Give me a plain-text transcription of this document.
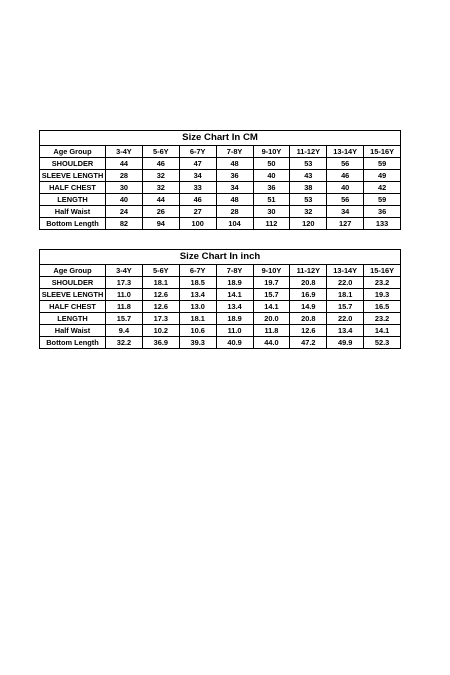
Size Chart In CM								
Age Group	3-4Y	5-6Y	6-7Y	7-8Y	9-10Y	11-12Y	13-14Y	15-16Y
SHOULDER	44	46	47	48	50	53	56	59
SLEEVE LENGTH	28	32	34	36	40	43	46	49
HALF CHEST	30	32	33	34	36	38	40	42
LENGTH	40	44	46	48	51	53	56	59
Half Waist	24	26	27	28	30	32	34	36
Bottom Length	82	94	100	104	112	120	127	133
Size Chart In inch								
Age Group	3-4Y	5-6Y	6-7Y	7-8Y	9-10Y	11-12Y	13-14Y	15-16Y
SHOULDER	17.3	18.1	18.5	18.9	19.7	20.8	22.0	23.2
SLEEVE LENGTH	11.0	12.6	13.4	14.1	15.7	16.9	18.1	19.3
HALF CHEST	11.8	12.6	13.0	13.4	14.1	14.9	15.7	16.5
LENGTH	15.7	17.3	18.1	18.9	20.0	20.8	22.0	23.2
Half Waist	9.4	10.2	10.6	11.0	11.8	12.6	13.4	14.1
Bottom Length	32.2	36.9	39.3	40.9	44.0	47.2	49.9	52.3
